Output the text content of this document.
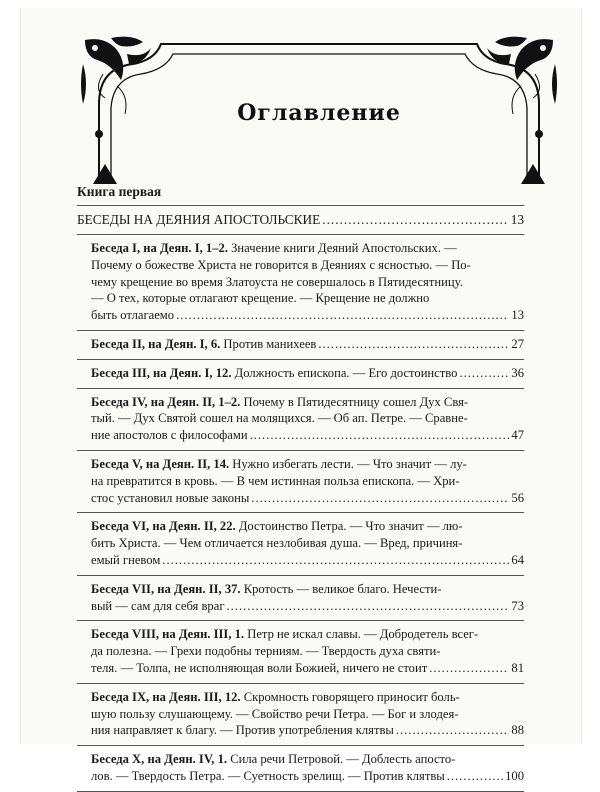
Оглавление
Книга первая
БЕСЕДЫ НА ДЕЯНИЯ АПОСТОЛЬСКИЕ .....	13
Беседа I, на Деян. I, 1–2. Значение книги Деяний Апостольских. —
Почему о божестве Христа не говорится в Деяниях с ясностью. — По-
чему крещение во время Златоуста не совершалось в Пятидесятницу.
— О тех, которые отлагают крещение. — Крещение не должно
быть отлагаемо .....	13
Беседа II, на Деян. I, 6. Против манихеев .....	27
Беседа III, на Деян. I, 12. Должность епископа. — Его достоинство .....	36
Беседа IV, на Деян. II, 1–2. Почему в Пятидесятницу сошел Дух Свя-
тый. — Дух Святой сошел на молящихся. — Об ап. Петре. — Сравне-
ние апостолов с философами .....	47
Беседа V, на Деян. II, 14. Нужно избегать лести. — Что значит — лу-
на превратится в кровь. — В чем истинная польза епископа. — Хри-
стос установил новые законы .....	56
Беседа VI, на Деян. II, 22. Достоинство Петра. — Что значит — лю-
бить Христа. — Чем отличается незлобивая душа. — Вред, причиня-
емый гневом .....	64
Беседа VII, на Деян. II, 37. Кротость — великое благо. Нечести-
вый — сам для себя враг .....	73
Беседа VIII, на Деян. III, 1. Петр не искал славы. — Добродетель всег-
да полезна. — Грехи подобны терниям. — Твердость духа святи-
теля. — Толпа, не исполняющая воли Божией, ничего не стоит .....	81
Беседа IX, на Деян. III, 12. Скромность говорящего приносит боль-
шую пользу слушающему. — Свойство речи Петра. — Бог и злодея-
ния направляет к благу. — Против употребления клятвы .....	88
Беседа X, на Деян. IV, 1. Сила речи Петровой. — Доблесть апосто-
лов. — Твердость Петра. — Суетность зрелищ. — Против клятвы .....	100
